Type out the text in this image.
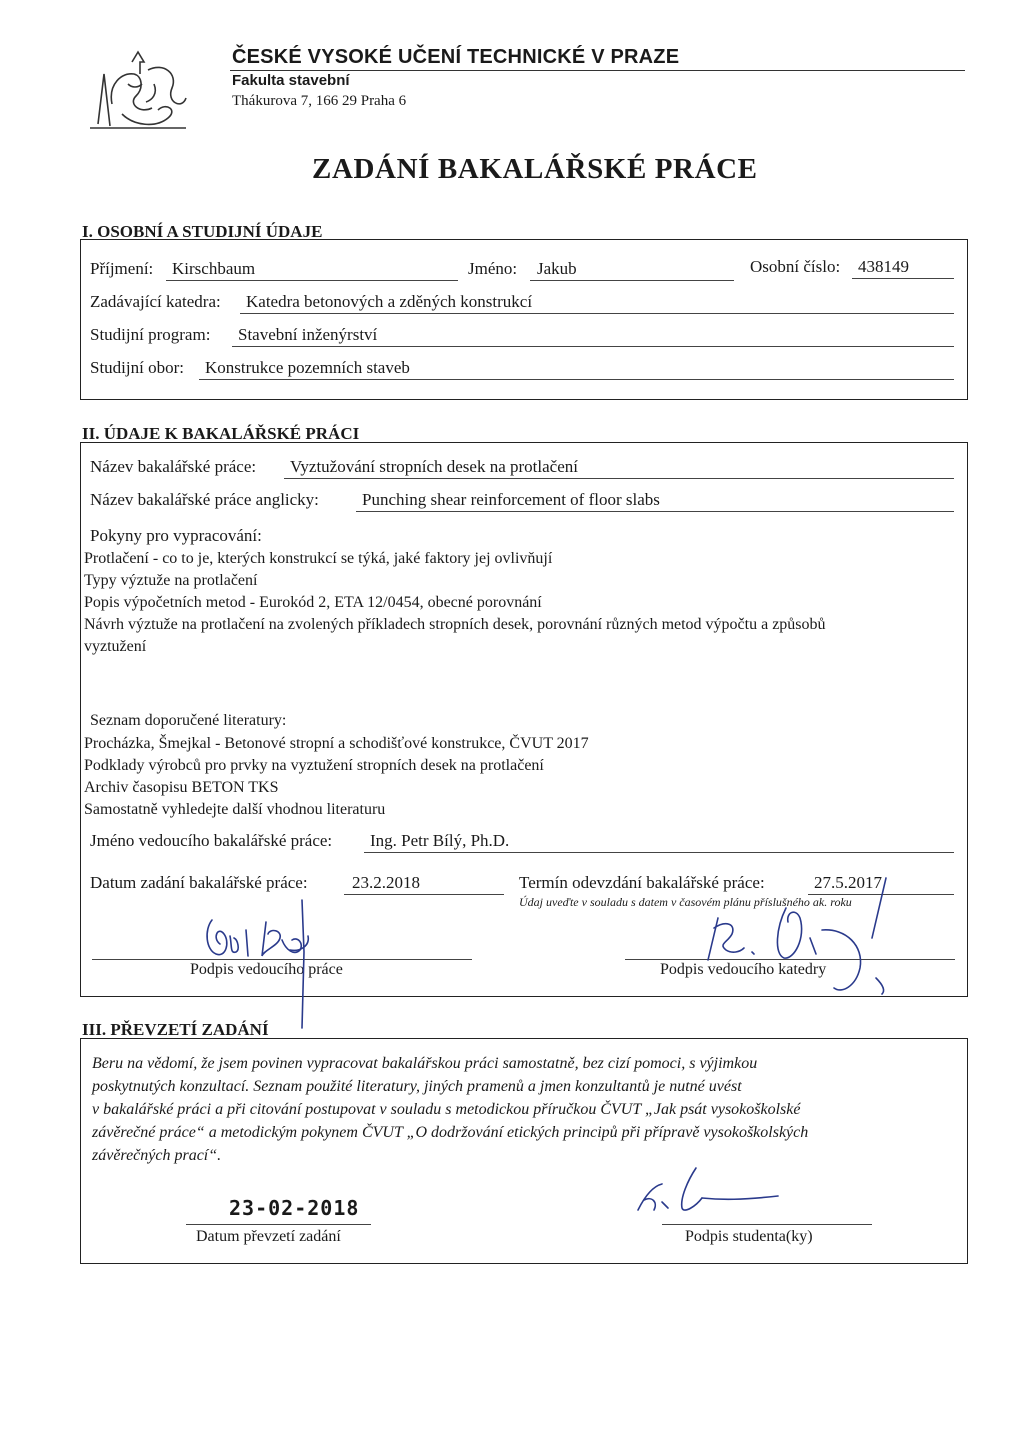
ČESKÉ VYSOKÉ UČENÍ TECHNICKÉ V PRAZE
Fakulta stavební
Thákurova 7, 166 29 Praha 6
ZADÁNÍ BAKALÁŘSKÉ PRÁCE
I. OSOBNÍ A STUDIJNÍ ÚDAJE
Příjmení: Kirschbaum	Jméno: Jakub	Osobní číslo: 438149
Zadávající katedra: Katedra betonových a zděných konstrukcí
Studijní program: Stavební inženýrství
Studijní obor: Konstrukce pozemních staveb
II. ÚDAJE K BAKALÁŘSKÉ PRÁCI
Název bakalářské práce: Vyztužování stropních desek na protlačení
Název bakalářské práce anglicky:	Punching shear reinforcement of floor slabs
Pokyny pro vypracování:
Protlačení - co to je, kterých konstrukcí se týká, jaké faktory jej ovlivňují
Typy výztuže na protlačení
Popis výpočetních metod - Eurokód 2, ETA 12/0454, obecné porovnání
Návrh výztuže na protlačení na zvolených příkladech stropních desek, porovnání různých metod výpočtu a způsobů
vyztužení
Seznam doporučené literatury:
Procházka, Šmejkal - Betonové stropní a schodišťové konstrukce, ČVUT 2017
Podklady výrobců pro prvky na vyztužení stropních desek na protlačení
Archiv časopisu BETON TKS
Samostatně vyhledejte další vhodnou literaturu
Jméno vedoucího bakalářské práce: Ing. Petr Bílý, Ph.D.
Datum zadání bakalářské práce:	23.2.2018	Termín odevzdání bakalářské práce:	27.5.2017
Údaj uveďte v souladu s datem v časovém plánu příslušného ak. roku
Podpis vedoucího práce	Podpis vedoucího katedry
III. PŘEVZETÍ ZADÁNÍ
Beru na vědomí, že jsem povinen vypracovat bakalářskou práci samostatně, bez cizí pomoci, s výjimkou
poskytnutých konzultací. Seznam použité literatury, jiných pramenů a jmen konzultantů je nutné uvést
v bakalářské práci a při citování postupovat v souladu s metodickou příručkou ČVUT „Jak psát vysokoškolské
závěrečné práce“ a metodickým pokynem ČVUT „O dodržování etických principů při přípravě vysokoškolských
závěrečných prací“.
23-02-2018
Datum převzetí zadání	Podpis studenta(ky)
